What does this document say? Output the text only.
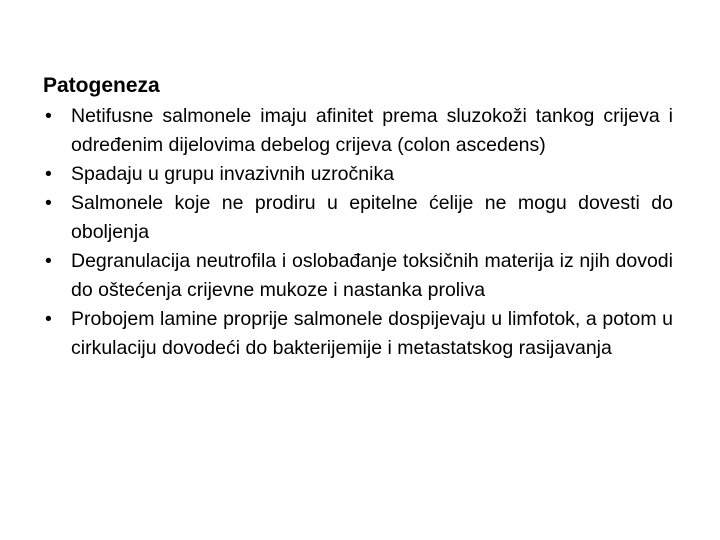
Patogeneza

• Netifusne salmonele imaju afinitet prema sluzokoži tankog crijeva i određenim dijelovima debelog crijeva (colon ascedens)
• Spadaju u grupu invazivnih uzročnika
• Salmonele koje ne prodiru u epitelne ćelije ne mogu dovesti do oboljenja
• Degranulacija neutrofila i oslobađanje toksičnih materija iz njih dovodi do oštećenja crijevne mukoze i nastanka proliva
• Probojem lamine proprije salmonele dospijevaju u limfotok, a potom u cirkulaciju dovodeći do bakterijemije i metastatskog rasijavanja
